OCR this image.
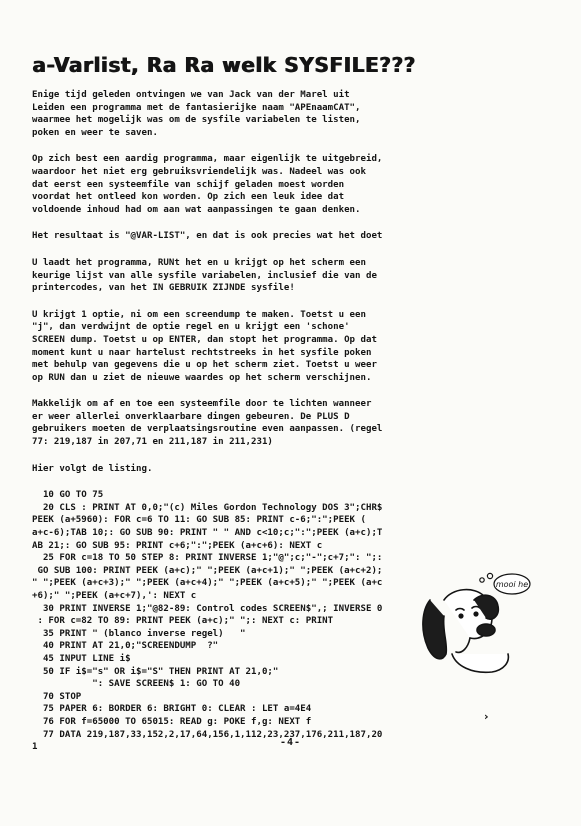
a-Varlist, Ra Ra welk SYSFILE???
Enige tijd geleden ontvingen we van Jack van der Marel uit
Leiden een programma met de fantasierijke naam "APEnaamCAT",
waarmee het mogelijk was om de sysfile variabelen te listen,
poken en weer te saven.
Op zich best een aardig programma, maar eigenlijk te uitgebreid,
waardoor het niet erg gebruiksvriendelijk was. Nadeel was ook
dat eerst een systeemfile van schijf geladen moest worden
voordat het ontleed kon worden. Op zich een leuk idee dat
voldoende inhoud had om aan wat aanpassingen te gaan denken.
Het resultaat is "@VAR-LIST", en dat is ook precies wat het doet
U laadt het programma, RUNt het en u krijgt op het scherm een
keurige lijst van alle sysfile variabelen, inclusief die van de
printercodes, van het IN GEBRUIK ZIJNDE sysfile!
U krijgt 1 optie, ni om een screendump te maken. Toetst u een
"j", dan verdwijnt de optie regel en u krijgt een 'schone'
SCREEN dump. Toetst u op ENTER, dan stopt het programma. Op dat
moment kunt u naar hartelust rechtstreeks in het sysfile poken
met behulp van gegevens die u op het scherm ziet. Toetst u weer
op RUN dan u ziet de nieuwe waardes op het scherm verschijnen.
Makkelijk om af en toe een systeemfile door te lichten wanneer
er weer allerlei onverklaarbare dingen gebeuren. De PLUS D
gebruikers moeten de verplaatsingsroutine even aanpassen. (regel
77: 219,187 in 207,71 en 211,187 in 211,231)
Hier volgt de listing.
10 GO TO 75
20 CLS : PRINT AT 0,0;"(c) Miles Gordon Technology DOS 3";CHR$
PEEK (a+5960): FOR c=6 TO 11: GO SUB 85: PRINT c-6;":";PEEK (
a+c-6);TAB 10;: GO SUB 90: PRINT " " AND c<10;c;":";PEEK (a+c);T
AB 21;: GO SUB 95: PRINT c+6;":";PEEK (a+c+6): NEXT c
25 FOR c=18 TO 50 STEP 8: PRINT INVERSE 1;"@";c;"-";c+7;": ";:
GO SUB 100: PRINT PEEK (a+c);" ";PEEK (a+c+1);" ";PEEK (a+c+2);
" ";PEEK (a+c+3);" ";PEEK (a+c+4);" ";PEEK (a+c+5);" ";PEEK (a+c
+6);" ";PEEK (a+c+7),': NEXT c
30 PRINT INVERSE 1;"@82-89: Control codes SCREEN$",; INVERSE 0
: FOR c=82 TO 89: PRINT PEEK (a+c);" ";: NEXT c: PRINT
35 PRINT " (blanco inverse regel)   "
40 PRINT AT 21,0;"SCREENDUMP  ?"
45 INPUT LINE i$
50 IF i$="s" OR i$="S" THEN PRINT AT 21,0;"
": SAVE SCREEN$ 1: GO TO 40
70 STOP
75 PAPER 6: BORDER 6: BRIGHT 0: CLEAR : LET a=4E4
76 FOR f=65000 TO 65015: READ g: POKE f,g: NEXT f
77 DATA 219,187,33,152,2,17,64,156,1,112,23,237,176,211,187,20
1
mooi he
›
-4-
